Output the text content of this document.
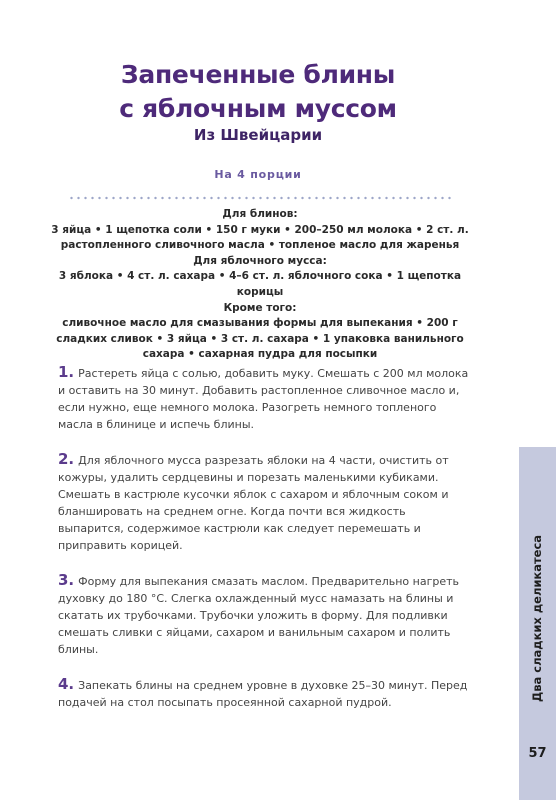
Запеченные блины
с яблочным муссом
Из Швейцарии
На 4 порции

Для блинов:

3 яйца • 1 щепотка соли • 150 г муки • 200–250 мл молока • 2 ст. л. растопленного сливочного масла • топленое масло для жаренья

Для яблочного мусса:

3 яблока • 4 ст. л. сахара • 4–6 ст. л. яблочного сока • 1 щепотка корицы

Кроме того:

сливочное масло для смазывания формы для выпекания • 200 г сладких сливок • 3 яйца • 3 ст. л. сахара • 1 упаковка ванильного сахара • сахарная пудра для посыпки

1. Растереть яйца с солью, добавить муку. Смешать с 200 мл молока и оставить на 30 минут. Добавить растопленное сливочное масло и, если нужно, еще немного молока. Разогреть немного топленого масла в блинице и испечь блины.

2. Для яблочного мусса разрезать яблоки на 4 части, очистить от кожуры, удалить сердцевины и порезать маленькими кубиками. Смешать в кастрюле кусочки яблок с сахаром и яблочным соком и бланшировать на среднем огне. Когда почти вся жидкость выпарится, содержимое кастрюли как следует перемешать и приправить корицей.

3. Форму для выпекания смазать маслом. Предварительно нагреть духовку до 180 °C. Слегка охлажденный мусс намазать на блины и скатать их трубочками. Трубочки уложить в форму. Для подливки смешать сливки с яйцами, сахаром и ванильным сахаром и полить блины.

4. Запекать блины на среднем уровне в духовке 25–30 минут. Перед подачей на стол посыпать просеянной сахарной пудрой.

Два сладких деликатеса
57
